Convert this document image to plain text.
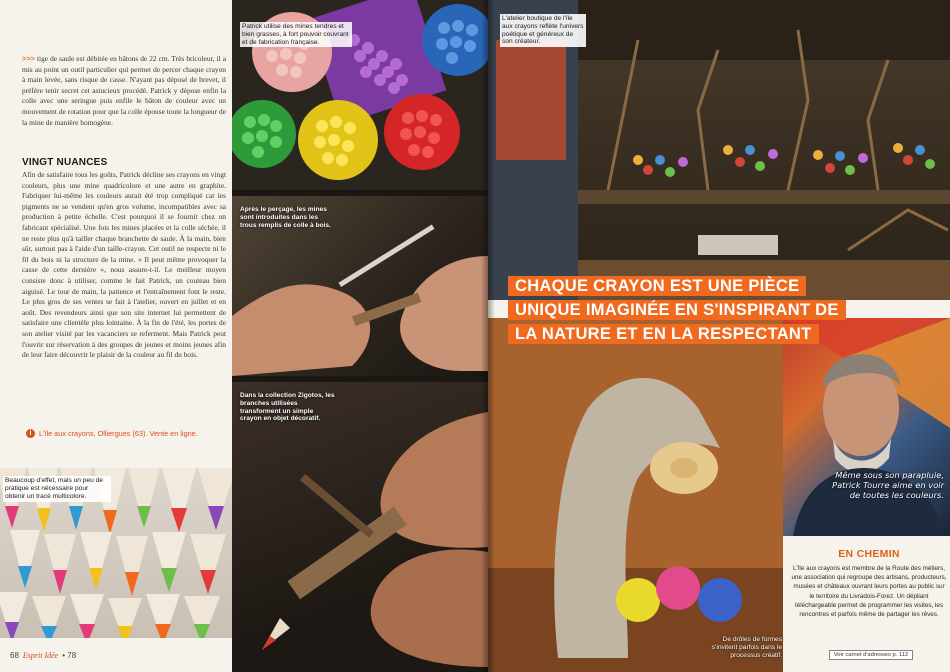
>>> tige de saule est débitée en bâtons de 22 cm. Très bricoleur, il a mis au point un outil particulier qui permet de percer chaque crayon à main levée, sans risque de casse. N'ayant pas déposé de brevet, il préfère tenir secret cet astucieux procédé. Patrick y dépose enfin la colle avec une seringue puis enfile le bâton de couleur avec un mouvement de rotation pour que la colle épouse toute la longueur de la mine de manière homogène.
VINGT NUANCES
Afin de satisfaire tous les goûts, Patrick décline ses crayons en vingt couleurs, plus une mine quadricolore et une autre en graphite. Fabriquer lui-même les couleurs aurait été trop compliqué car les pigments ne se vendent qu'en gros volume, incompatibles avec sa production à petite échelle. C'est pourquoi il se fournit chez un fabricant spécialisé. Une fois les mines placées et la colle séchée, il ne reste plus qu'à tailler chaque branchette de saule. À la main, bien sûr, surtout pas à l'aide d'un taille-crayon. Cet outil ne respecte ni le fil du bois ni la structure de la mine. « Il peut même provoquer la casse de cette dernière », nous assure-t-il. Le meilleur moyen consiste donc à utiliser, comme le fait Patrick, un couteau bien aiguisé. Le tour de main, la patience et l'entraînement font le reste. Le plus gros de ses ventes se fait à l'atelier, ouvert en juillet et en août. Des revendeurs ainsi que son site internet lui permettent de satisfaire une clientèle plus lointaine. À la fin de l'été, les portes de son atelier visité par les vacanciers se referment. Mais Patrick peut l'ouvrir sur réservation à des groupes de jeunes et moins jeunes afin de leur faire découvrir le plaisir de la couleur au fil du bois.
i	L'île aux crayons, Olliergues (63). Vente en ligne.
Beaucoup d'effet, mais un peu de pratique est nécessaire pour obtenir un tracé multicolore.
68 Esprit Idée • 78
Patrick utilise des mines tendres et bien grasses, à fort pouvoir couvrant et de fabrication française.
Après le perçage, les mines sont introduites dans les trous remplis de colle à bois.
Dans la collection Zigotos, les branches utilisées transforment un simple crayon en objet décoratif.
L'atelier boutique de l'île aux crayons reflète l'univers poétique et généreux de son créateur.
De drôles de formes s'invitent parfois dans le processus créatif.
Même sous son parapluie, Patrick Tourre aime en voir de toutes les couleurs.
CHAQUE CRAYON EST UNE PIÈCE
UNIQUE IMAGINÉE EN S'INSPIRANT DE
LA NATURE ET EN LA RESPECTANT
EN CHEMIN

L'île aux crayons est membre de la Route des métiers, une association qui regroupe des artisans, producteurs, musées et châteaux ouvrant leurs portes au public sur le territoire du Livradois-Forez. Un dépliant téléchargeable permet de programmer les visites, les rencontres et parfois même de partager les rêves.

Voir carnet d'adresses p. 112
